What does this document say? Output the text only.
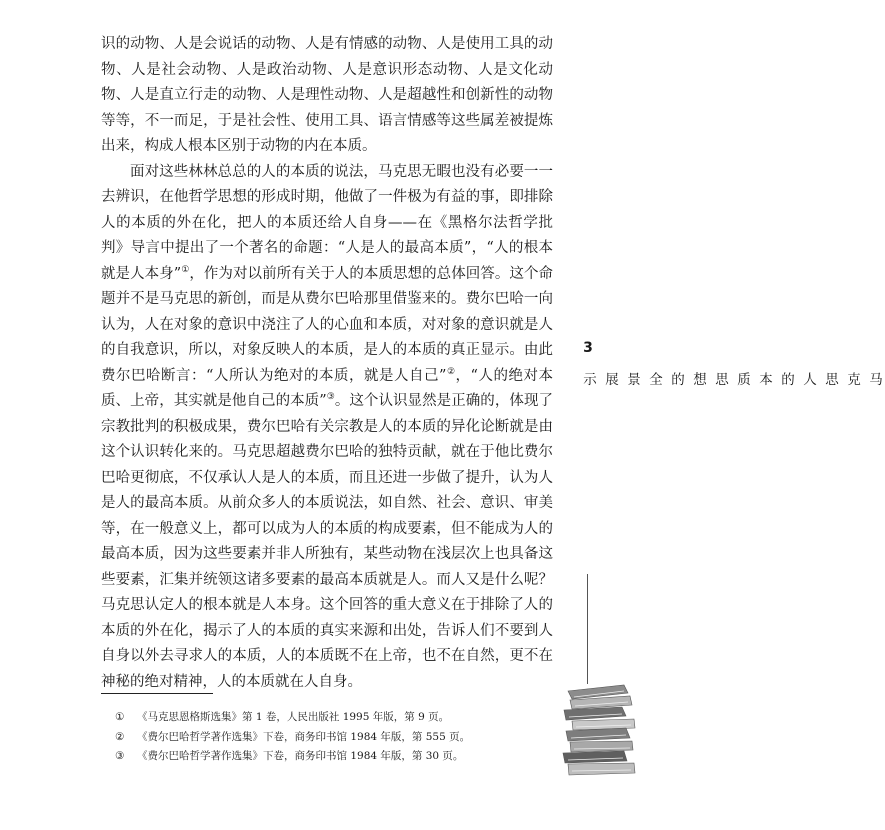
识的动物、人是会说话的动物、人是有情感的动物、人是使用工具的动物、人是社会动物、人是政治动物、人是意识形态动物、人是文化动物、人是直立行走的动物、人是理性动物、人是超越性和创新性的动物等等，不一而足，于是社会性、使用工具、语言情感等这些属差被提炼出来，构成人根本区别于动物的内在本质。

面对这些林林总总的人的本质的说法，马克思无暇也没有必要一一去辨识，在他哲学思想的形成时期，他做了一件极为有益的事，即排除人的本质的外在化，把人的本质还给人自身——在《黑格尔法哲学批判》导言中提出了一个著名的命题：“人是人的最高本质”，“人的根本就是人本身”①，作为对以前所有关于人的本质思想的总体回答。这个命题并不是马克思的新创，而是从费尔巴哈那里借鉴来的。费尔巴哈一向认为，人在对象的意识中浇注了人的心血和本质，对对象的意识就是人的自我意识，所以，对象反映人的本质，是人的本质的真正显示。由此费尔巴哈断言：“人所认为绝对的本质，就是人自己”②，“人的绝对本质、上帝，其实就是他自己的本质”③。这个认识显然是正确的，体现了宗教批判的积极成果，费尔巴哈有关宗教是人的本质的异化论断就是由这个认识转化来的。马克思超越费尔巴哈的独特贡献，就在于他比费尔巴哈更彻底，不仅承认人是人的本质，而且还进一步做了提升，认为人是人的最高本质。从前众多人的本质说法，如自然、社会、意识、审美等，在一般意义上，都可以成为人的本质的构成要素，但不能成为人的最高本质，因为这些要素并非人所独有，某些动物在浅层次上也具备这些要素，汇集并统领这诸多要素的最高本质就是人。而人又是什么呢？马克思认定人的根本就是人本身。这个回答的重大意义在于排除了人的本质的外在化，揭示了人的本质的真实来源和出处，告诉人们不要到人自身以外去寻求人的本质，人的本质既不在上帝，也不在自然，更不在神秘的绝对精神，人的本质就在人自身。

① 《马克思恩格斯选集》第 1 卷，人民出版社 1995 年版，第 9 页。
② 《费尔巴哈哲学著作选集》下卷，商务印书馆 1984 年版，第 555 页。
③ 《费尔巴哈哲学著作选集》下卷，商务印书馆 1984 年版，第 30 页。
3
马克思人的本质思想的全景展示
